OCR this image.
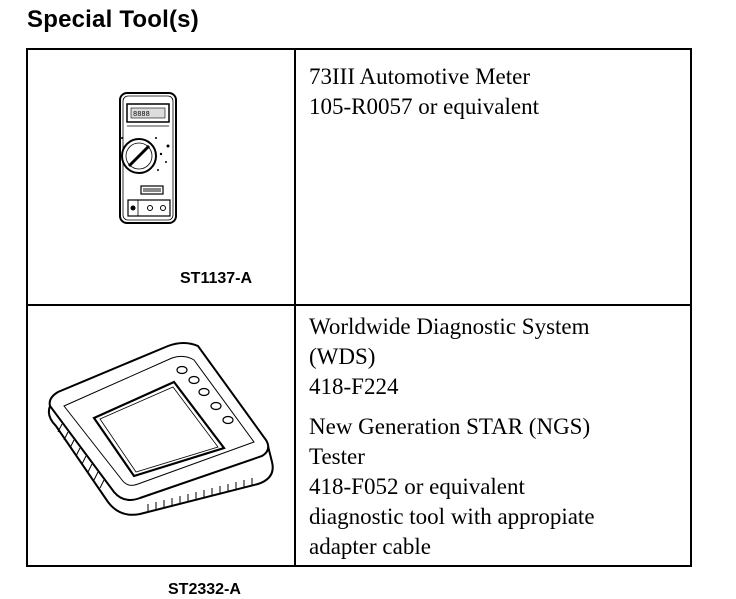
Special Tool(s)
8888
ST1137-A
73III Automotive Meter
105-R0057 or equivalent
ST2332-A
Worldwide Diagnostic System
(WDS)
418-F224
New Generation STAR (NGS)
Tester
418-F052 or equivalent
diagnostic tool with appropiate
adapter cable
